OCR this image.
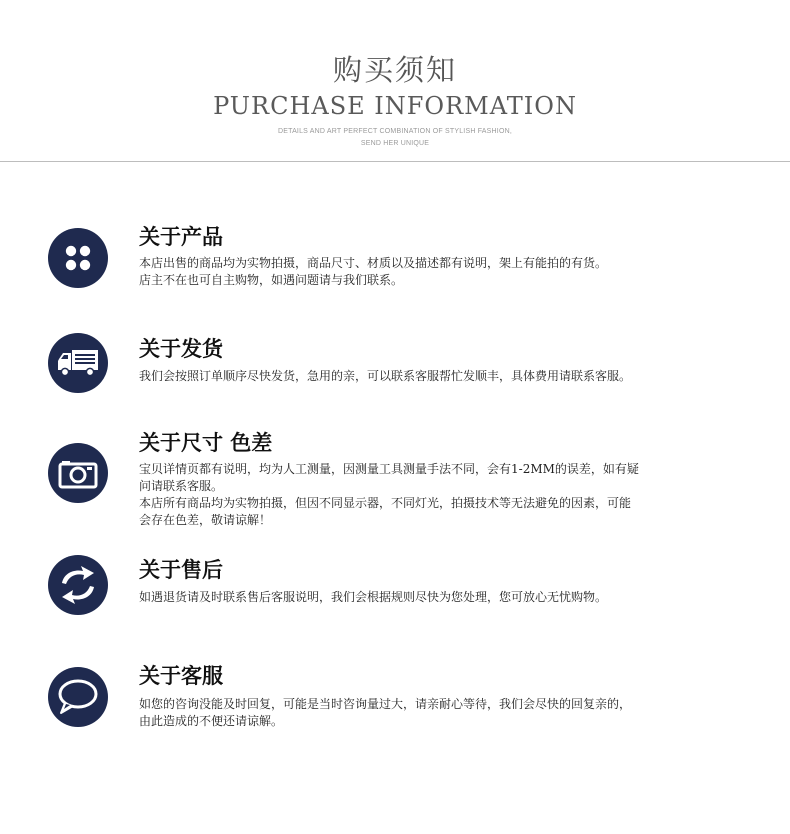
购买须知
PURCHASE INFORMATION
DETAILS AND ART PERFECT COMBINATION OF STYLISH FASHION,
SEND HER UNIQUE
关于产品

本店出售的商品均为实物拍摄，商品尺寸、材质以及描述都有说明，架上有能拍的有货。

店主不在也可自主购物，如遇问题请与我们联系。

关于发货

我们会按照订单顺序尽快发货，急用的亲，可以联系客服帮忙发顺丰，具体费用请联系客服。

关于尺寸 色差

宝贝详情页都有说明，均为人工测量，因测量工具测量手法不同，会有1-2MM的误差，如有疑

问请联系客服。

本店所有商品均为实物拍摄，但因不同显示器，不同灯光，拍摄技术等无法避免的因素，可能

会存在色差，敬请谅解！

关于售后

如遇退货请及时联系售后客服说明，我们会根据规则尽快为您处理，您可放心无忧购物。

关于客服

如您的咨询没能及时回复，可能是当时咨询量过大，请亲耐心等待，我们会尽快的回复亲的，

由此造成的不便还请谅解。
